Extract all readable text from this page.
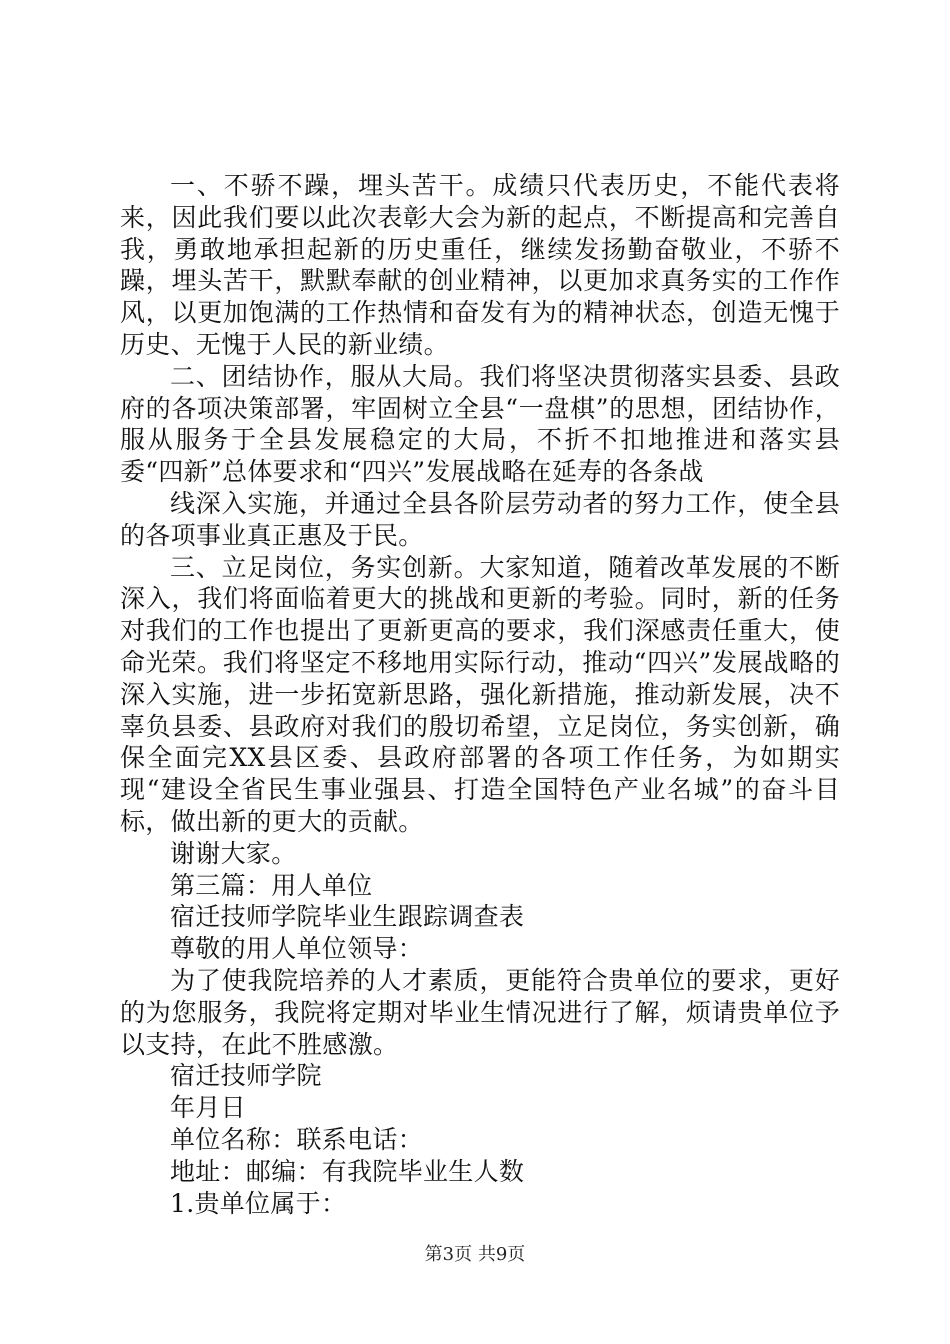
一、不骄不躁，埋头苦干。成绩只代表历史，不能代表将来，因此我们要以此次表彰大会为新的起点，不断提高和完善自我，勇敢地承担起新的历史重任，继续发扬勤奋敬业，不骄不躁，埋头苦干，默默奉献的创业精神，以更加求真务实的工作作风，以更加饱满的工作热情和奋发有为的精神状态，创造无愧于历史、无愧于人民的新业绩。

二、团结协作，服从大局。我们将坚决贯彻落实县委、县政府的各项决策部署，牢固树立全县“一盘棋”的思想，团结协作，服从服务于全县发展稳定的大局，不折不扣地推进和落实县委“四新”总体要求和“四兴”发展战略在延寿的各条战

线深入实施，并通过全县各阶层劳动者的努力工作，使全县的各项事业真正惠及于民。

三、立足岗位，务实创新。大家知道，随着改革发展的不断深入，我们将面临着更大的挑战和更新的考验。同时，新的任务对我们的工作也提出了更新更高的要求，我们深感责任重大，使命光荣。我们将坚定不移地用实际行动，推动“四兴”发展战略的深入实施，进一步拓宽新思路，强化新措施，推动新发展，决不辜负县委、县政府对我们的殷切希望，立足岗位，务实创新，确保全面完XX县区委、县政府部署的各项工作任务，为如期实现“建设全省民生事业强县、打造全国特色产业名城”的奋斗目标，做出新的更大的贡献。

谢谢大家。

第三篇：用人单位

宿迁技师学院毕业生跟踪调查表

尊敬的用人单位领导：

为了使我院培养的人才素质，更能符合贵单位的要求，更好的为您服务，我院将定期对毕业生情况进行了解，烦请贵单位予以支持，在此不胜感激。

宿迁技师学院

年月日

单位名称：联系电话：

地址：邮编：有我院毕业生人数

1.贵单位属于：

第3页 共9页
